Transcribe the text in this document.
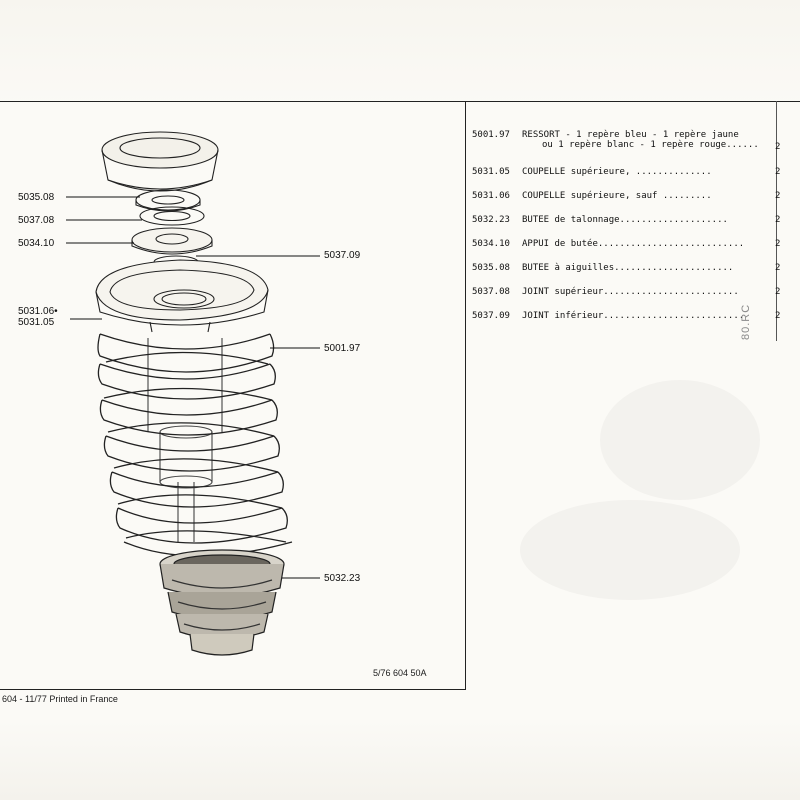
5035.08
5037.08
5034.10
5037.09
5031.06•
5031.05
5001.97
5032.23
5001.97 RESSORT - 1 repère bleu - 1 repère jaune
ou 1 repère blanc - 1 repère rouge......	2
5031.05 COUPELLE supérieure, ..............	2
5031.06 COUPELLE supérieure, sauf .........	2
5032.23 BUTEE de talonnage....................	2
5034.10 APPUI de butée...........................	2
5035.08 BUTEE à aiguilles......................	2
5037.08 JOINT supérieur.........................	2
5037.09 JOINT inférieur..........................	2
80.RC
5/76 604 50A
604 - 11/77 Printed in France
